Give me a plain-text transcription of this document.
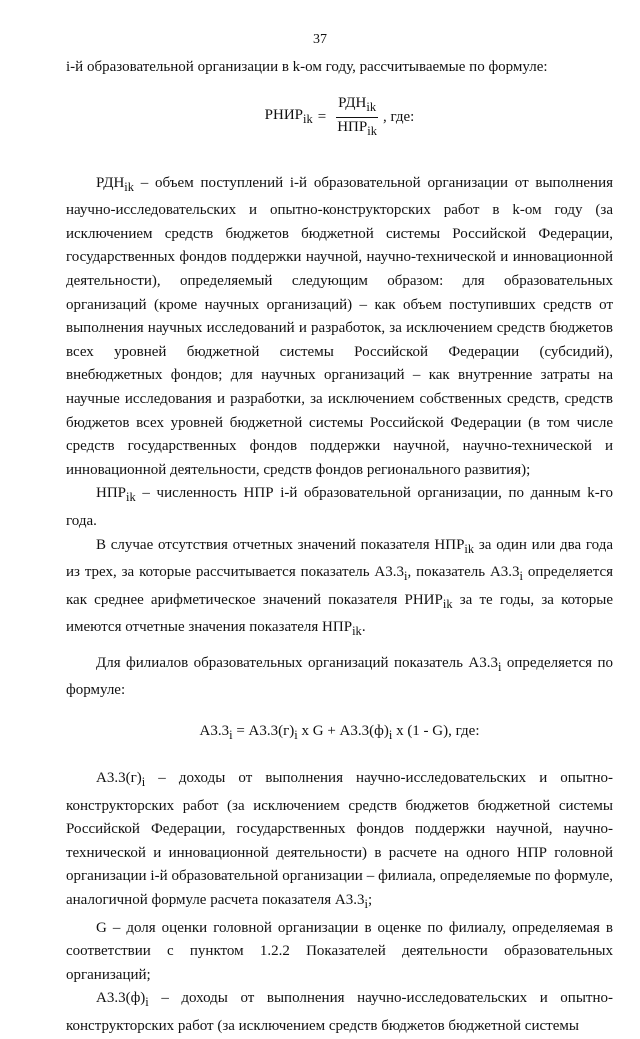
37

i-й образовательной организации в k-ом году, рассчитываемые по формуле:

$РНИР_{ik} = \frac{РДН_{ik}}{НПР_{ik}}$ , где:

$РДН_{ik}$ – объем поступлений i-й образовательной организации от выполнения научно-исследовательских и опытно-конструкторских работ в k-ом году (за исключением средств бюджетов бюджетной системы Российской Федерации, государственных фондов поддержки научной, научно-технической и инновационной деятельности), определяемый следующим образом: для образовательных организаций (кроме научных организаций) – как объем поступивших средств от выполнения научных исследований и разработок, за исключением средств бюджетов всех уровней бюджетной системы Российской Федерации (субсидий), внебюджетных фондов; для научных организаций – как внутренние затраты на научные исследования и разработки, за исключением собственных средств, средств бюджетов всех уровней бюджетной системы Российской Федерации (в том числе средств государственных фондов поддержки научной, научно-технической и инновационной деятельности, средств фондов регионального развития);

$НПР_{ik}$ – численность НПР i-й образовательной организации, по данным k-го года.

В случае отсутствия отчетных значений показателя $НПР_{ik}$ за один или два года из трех, за которые рассчитывается показатель $А3.3_i$, показатель $А3.3_i$ определяется как среднее арифметическое значений показателя $РНИР_{ik}$ за те годы, за которые имеются отчетные значения показателя $НПР_{ik}$.

Для филиалов образовательных организаций показатель $А3.3_i$ определяется по формуле:

$А3.3_i = А3.3(г)_i$ х $G + А3.3(ф)_i$ х (1 - G), где:

$А3.3(г)_i$ – доходы от выполнения научно-исследовательских и опытно-конструкторских работ (за исключением средств бюджетов бюджетной системы Российской Федерации, государственных фондов поддержки научной, научно-технической и инновационной деятельности) в расчете на одного НПР головной организации i-й образовательной организации – филиала, определяемые по формуле, аналогичной формуле расчета показателя $А3.3_i$;

G – доля оценки головной организации в оценке по филиалу, определяемая в соответствии с пунктом 1.2.2 Показателей деятельности образовательных организаций;

$А3.3(ф)_i$ – доходы от выполнения научно-исследовательских и опытно-конструкторских работ (за исключением средств бюджетов бюджетной системы
